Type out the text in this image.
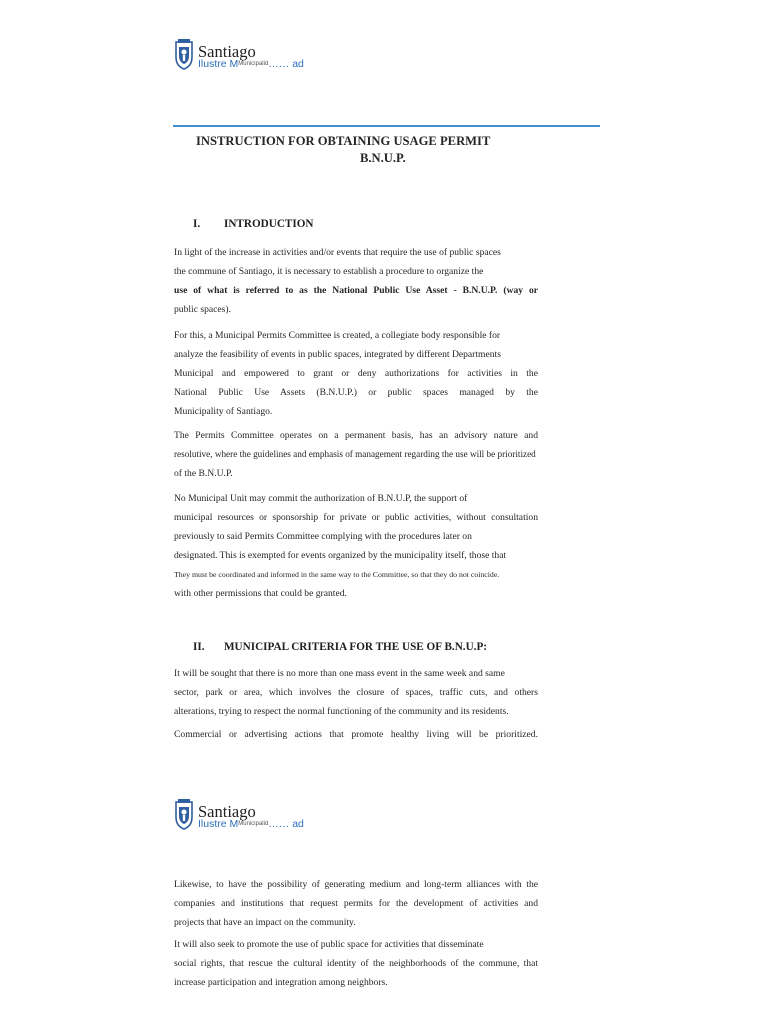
Santiago
Ilustre MMunicipalid…… ad
INSTRUCTION FOR OBTAINING USAGE PERMIT
B.N.U.P.
I. INTRODUCTION
In light of the increase in activities and/or events that require the use of public spaces
the commune of Santiago, it is necessary to establish a procedure to organize the
use of what is referred to as the National Public Use Asset - B.N.U.P. (way or
public spaces).
For this, a Municipal Permits Committee is created, a collegiate body responsible for
analyze the feasibility of events in public spaces, integrated by different Departments
Municipal and empowered to grant or deny authorizations for activities in the
National Public Use Assets (B.N.U.P.) or public spaces managed by the
Municipality of Santiago.
The Permits Committee operates on a permanent basis, has an advisory nature and
resolutive, where the guidelines and emphasis of management regarding the use will be prioritized
of the B.N.U.P.
No Municipal Unit may commit the authorization of B.N.U.P, the support of
municipal resources or sponsorship for private or public activities, without consultation
previously to said Permits Committee complying with the procedures later on
designated. This is exempted for events organized by the municipality itself, those that
They must be coordinated and informed in the same way to the Committee, so that they do not coincide.
with other permissions that could be granted.
II. MUNICIPAL CRITERIA FOR THE USE OF B.N.U.P:
It will be sought that there is no more than one mass event in the same week and same
sector, park or area, which involves the closure of spaces, traffic cuts, and others
alterations, trying to respect the normal functioning of the community and its residents.
Commercial or advertising actions that promote healthy living will be prioritized.
Santiago
Ilustre MMunicipalid…… ad
Likewise, to have the possibility of generating medium and long-term alliances with the
companies and institutions that request permits for the development of activities and
projects that have an impact on the community.
It will also seek to promote the use of public space for activities that disseminate
social rights, that rescue the cultural identity of the neighborhoods of the commune, that
increase participation and integration among neighbors.
